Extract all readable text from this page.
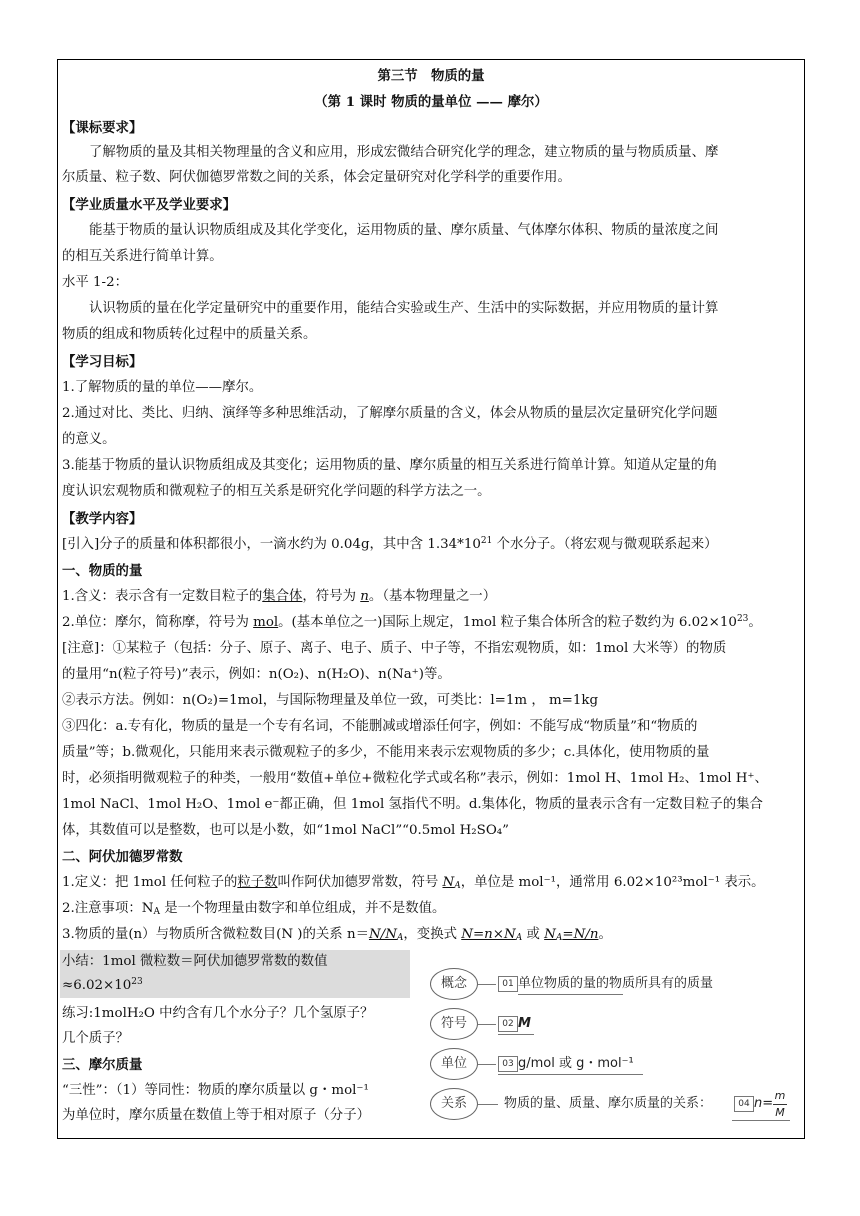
第三节　物质的量
（第 1 课时 物质的量单位 —— 摩尔）
【课标要求】
了解物质的量及其相关物理量的含义和应用，形成宏微结合研究化学的理念，建立物质的量与物质质量、摩
尔质量、粒子数、阿伏伽德罗常数之间的关系，体会定量研究对化学科学的重要作用。
【学业质量水平及学业要求】
能基于物质的量认识物质组成及其化学变化，运用物质的量、摩尔质量、气体摩尔体积、物质的量浓度之间
的相互关系进行简单计算。
水平 1-2：
认识物质的量在化学定量研究中的重要作用，能结合实验或生产、生活中的实际数据，并应用物质的量计算
物质的组成和物质转化过程中的质量关系。
【学习目标】
1.了解物质的量的单位——摩尔。
2.通过对比、类比、归纳、演绎等多种思维活动，了解摩尔质量的含义，体会从物质的量层次定量研究化学问题
的意义。
3.能基于物质的量认识物质组成及其变化；运用物质的量、摩尔质量的相互关系进行简单计算。知道从定量的角
度认识宏观物质和微观粒子的相互关系是研究化学问题的科学方法之一。
【教学内容】
[引入]分子的质量和体积都很小，一滴水约为 0.04g，其中含 $1.34*10^{21}$ 个水分子。（将宏观与微观联系起来）
一、物质的量
1.含义：表示含有一定数目粒子的集合体，符号为 n。（基本物理量之一）
2.单位：摩尔，简称摩，符号为 mol。(基本单位之一)国际上规定，1mol 粒子集合体所含的粒子数约为 $6.02\times 10^{23}$。
[注意]：①某粒子（包括：分子、原子、离子、电子、质子、中子等，不指宏观物质，如：1mol 大米等）的物质
的量用“n(粒子符号)”表示，例如：n(O₂)、n(H₂O)、n(Na⁺)等。
②表示方法。例如：n(O₂)=1mol，与国际物理量及单位一致，可类比：l=1m ， m=1kg
③四化：a.专有化，物质的量是一个专有名词，不能删减或增添任何字，例如：不能写成“物质量”和“物质的
质量”等；b.微观化，只能用来表示微观粒子的多少，不能用来表示宏观物质的多少；c.具体化，使用物质的量
时，必须指明微观粒子的种类，一般用“数值+单位+微粒化学式或名称”表示，例如：1mol H、1mol H₂、1mol H⁺、
1mol NaCl、1mol H₂O、1mol e⁻都正确，但 1mol 氢指代不明。d.集体化，物质的量表示含有一定数目粒子的集合
体，其数值可以是整数，也可以是小数，如“1mol NaCl”“0.5mol H₂SO₄”
二、阿伏加德罗常数
1.定义：把 1mol 任何粒子的粒子数叫作阿伏加德罗常数，符号 $N_A$，单位是 mol⁻¹，通常用 6.02×10²³mol⁻¹ 表示。
2.注意事项：$N_A$ 是一个物理量由数字和单位组成，并不是数值。
3.物质的量(n）与物质所含微粒数目(N )的关系 $n=N/N_A$，变换式 $N=n\times N_A$ 或 $N_A=N/n$。
小结：1mol 微粒数＝阿伏加德罗常数的数值
$\approx 6.02\times 10^{23}$
练习:1molH₂O 中约含有几个水分子？几个氢原子？
几个质子？
三、摩尔质量
“三性”：（1）等同性：物质的摩尔质量以 g・mol⁻¹
为单位时，摩尔质量在数值上等于相对原子（分子）
概念	01 单位物质的量的物质所具有的质量
符号	02 M
单位	03 g/mol 或 g・mol⁻¹
关系	物质的量、质量、摩尔质量的关系：	04 n=
m
M
